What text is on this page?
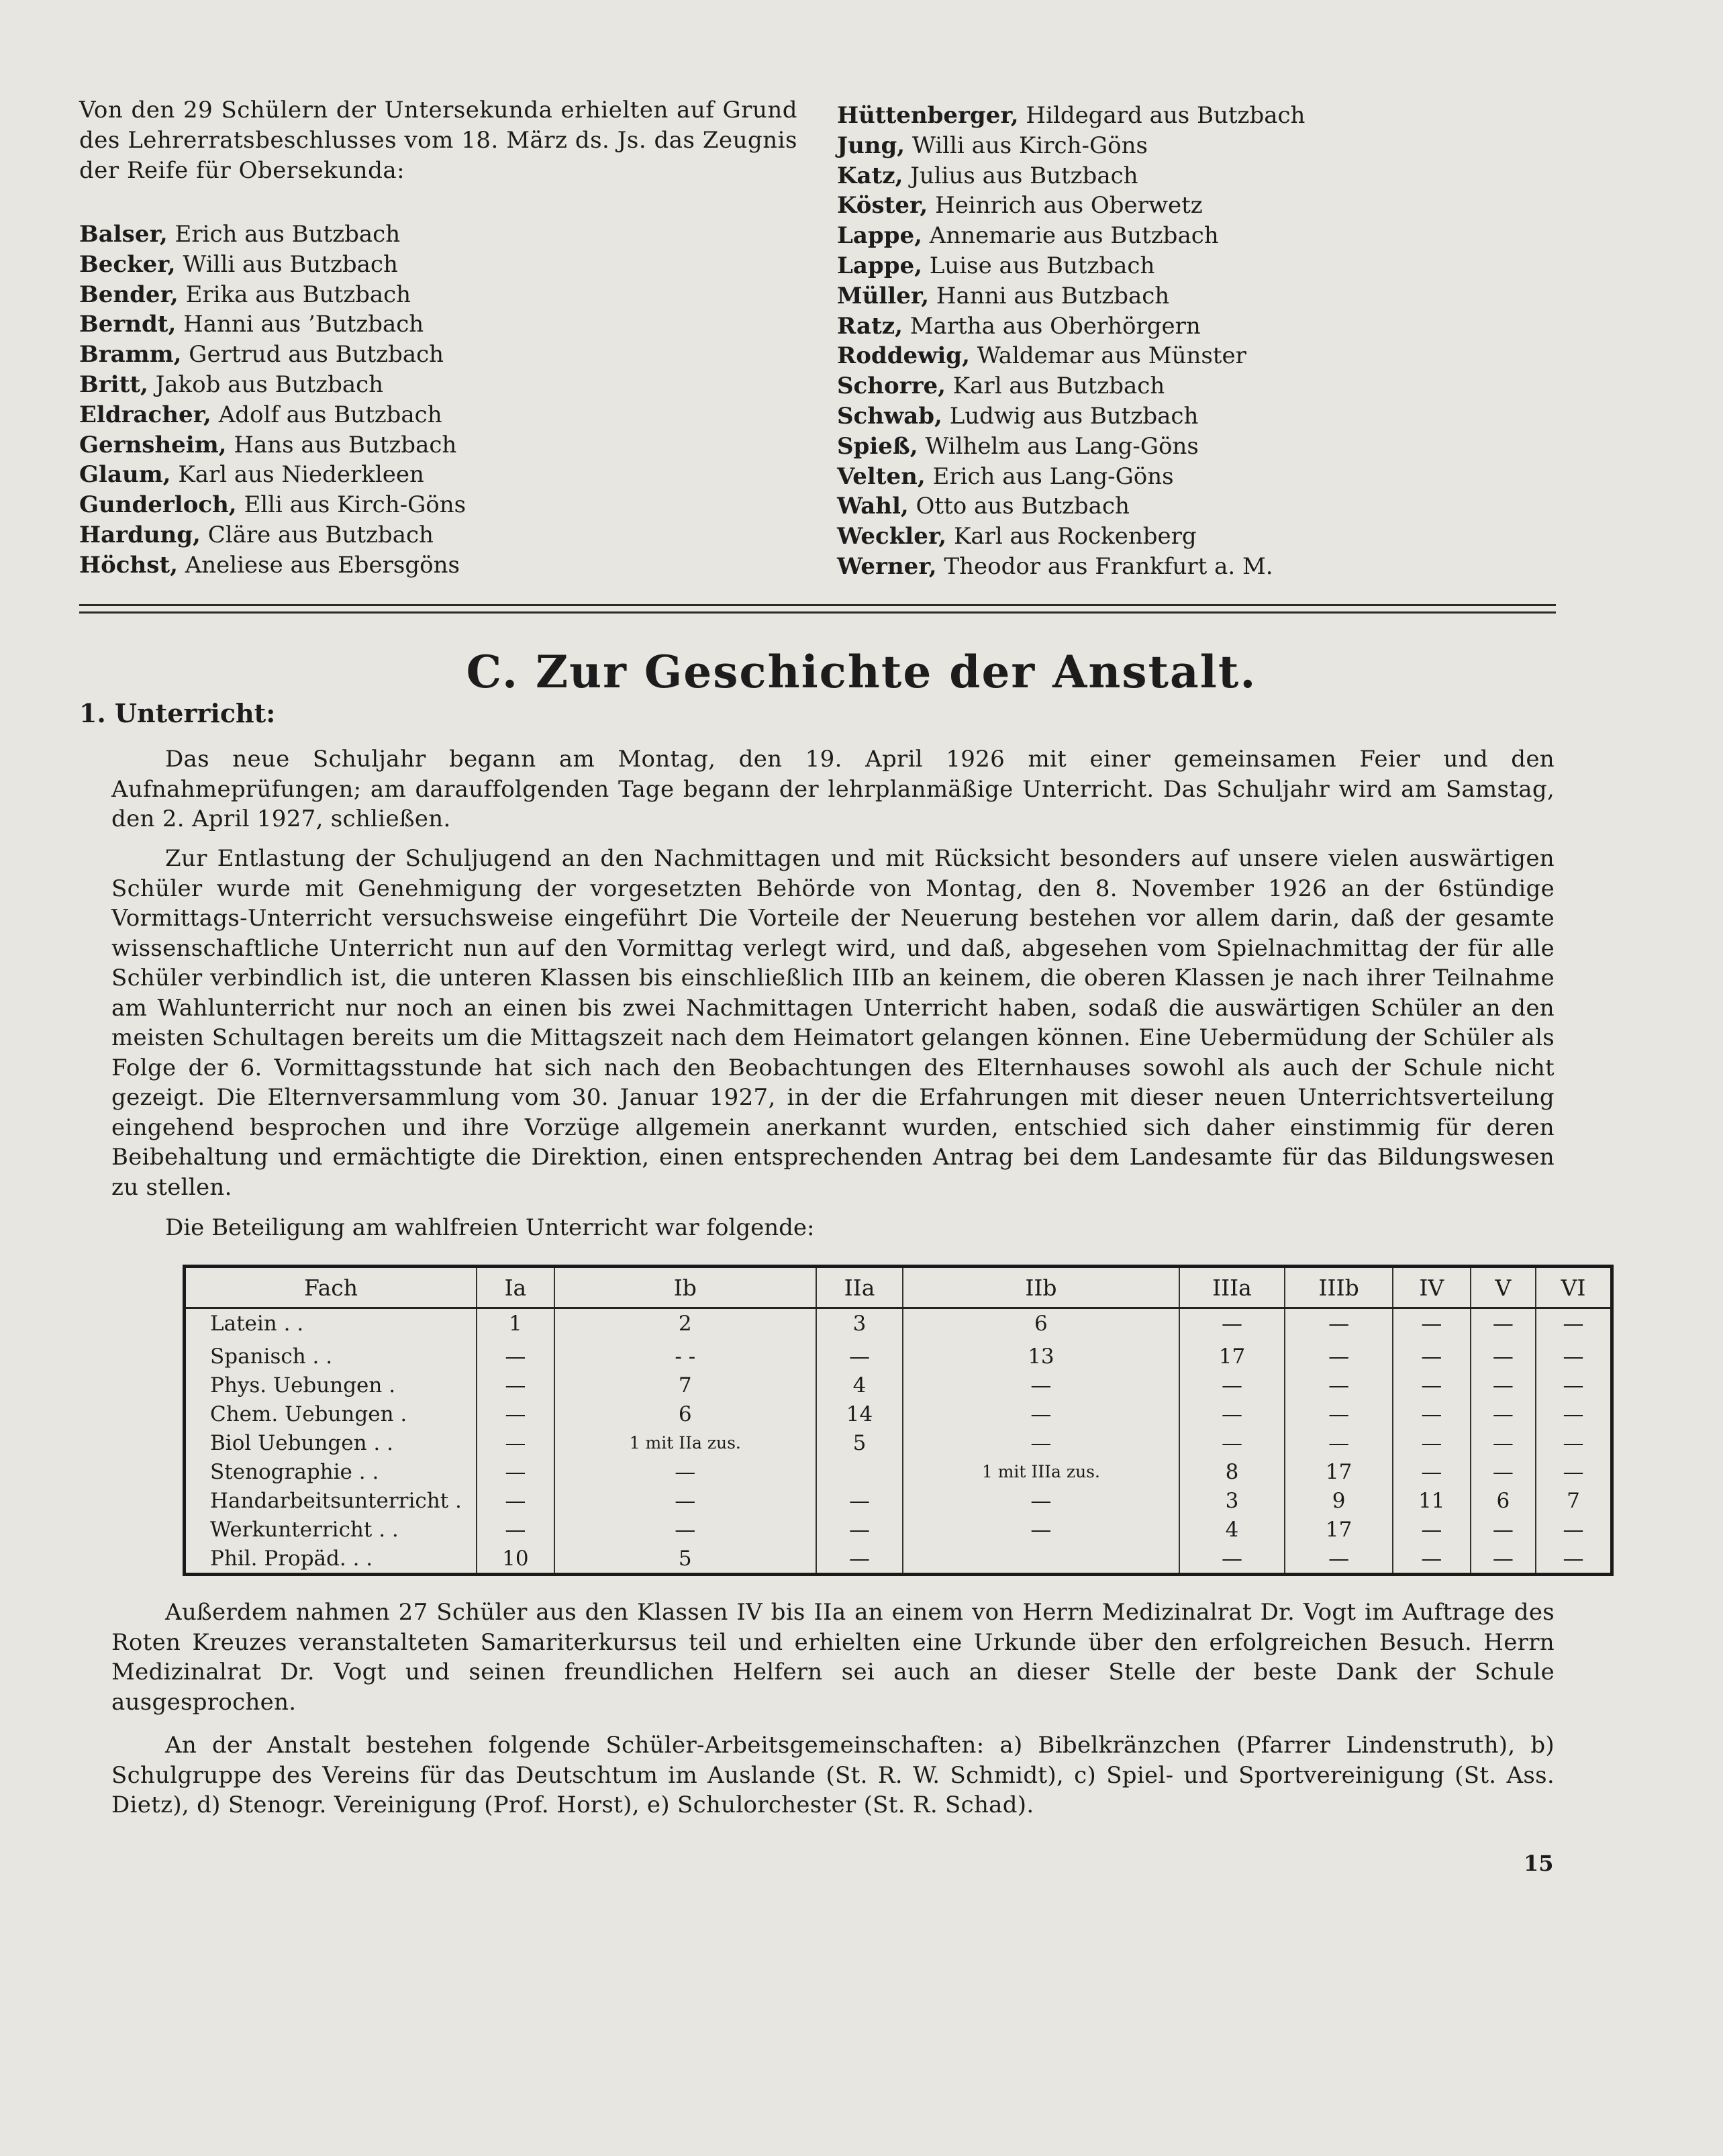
Von den 29 Schülern der Untersekunda erhielten auf Grund des Lehrerratsbeschlusses vom 18. März ds. Js. das Zeugnis der Reife für Obersekunda:
Balser, Erich aus Butzbach
Becker, Willi aus Butzbach
Bender, Erika aus Butzbach
Berndt, Hanni aus ’Butzbach
Bramm, Gertrud aus Butzbach
Britt, Jakob aus Butzbach
Eldracher, Adolf aus Butzbach
Gernsheim, Hans aus Butzbach
Glaum, Karl aus Niederkleen
Gunderloch, Elli aus Kirch-Göns
Hardung, Cläre aus Butzbach
Höchst, Aneliese aus Ebersgöns
Hüttenberger, Hildegard aus Butzbach
Jung, Willi aus Kirch-Göns
Katz, Julius aus Butzbach
Köster, Heinrich aus Oberwetz
Lappe, Annemarie aus Butzbach
Lappe, Luise aus Butzbach
Müller, Hanni aus Butzbach
Ratz, Martha aus Oberhörgern
Roddewig, Waldemar aus Münster
Schorre, Karl aus Butzbach
Schwab, Ludwig aus Butzbach
Spieß, Wilhelm aus Lang-Göns
Velten, Erich aus Lang-Göns
Wahl, Otto aus Butzbach
Weckler, Karl aus Rockenberg
Werner, Theodor aus Frankfurt a. M.
C. Zur Geschichte der Anstalt.
1. Unterricht:

Das neue Schuljahr begann am Montag, den 19. April 1926 mit einer gemeinsamen Feier und den Aufnahmeprüfungen; am darauffolgenden Tage begann der lehrplanmäßige Unterricht. Das Schuljahr wird am Samstag, den 2. April 1927, schließen.

Zur Entlastung der Schuljugend an den Nachmittagen und mit Rücksicht besonders auf unsere vielen auswärtigen Schüler wurde mit Genehmigung der vorgesetzten Behörde von Montag, den 8. November 1926 an der 6stündige Vormittags-Unterricht versuchsweise eingeführt Die Vorteile der Neuerung bestehen vor allem darin, daß der gesamte wissenschaftliche Unterricht nun auf den Vormittag verlegt wird, und daß, abgesehen vom Spielnachmittag der für alle Schüler verbindlich ist, die unteren Klassen bis einschließlich IIIb an keinem, die oberen Klassen je nach ihrer Teilnahme am Wahlunterricht nur noch an einen bis zwei Nachmittagen Unterricht haben, sodaß die auswärtigen Schüler an den meisten Schultagen bereits um die Mittagszeit nach dem Heimatort gelangen können. Eine Uebermüdung der Schüler als Folge der 6. Vormittagsstunde hat sich nach den Beobachtungen des Elternhauses sowohl als auch der Schule nicht gezeigt. Die Elternversammlung vom 30. Januar 1927, in der die Erfahrungen mit dieser neuen Unterrichtsverteilung eingehend besprochen und ihre Vorzüge allgemein anerkannt wurden, entschied sich daher einstimmig für deren Beibehaltung und ermächtigte die Direktion, einen entsprechenden Antrag bei dem Landesamte für das Bildungswesen zu stellen.

Die Beteiligung am wahlfreien Unterricht war folgende:
Fach	Ia	Ib	IIa	IIb	IIIa	IIIb	IV	V	VI
Latein . .	1	2	3	6	—	—	—	—	—
Spanisch . .	—	- -	—	13	17	—	—	—	—
Phys. Uebungen .	—	7	4	—	—	—	—	—	—
Chem. Uebungen .	—	6	14	—	—	—	—	—	—
Biol Uebungen . .	—	1 mit IIa zus.	5	—	—	—	—	—	—
Stenographie . .	—	—		1 mit IIIa zus.	8	17	—	—	—
Handarbeitsunterricht .	—	—	—	—	3	9	11	6	7
Werkunterricht . .	—	—	—	—	4	17	—	—	—
Phil. Propäd. . .	10	5	—		—	—	—	—	—

Außerdem nahmen 27 Schüler aus den Klassen IV bis IIa an einem von Herrn Medizinalrat Dr. Vogt im Auftrage des Roten Kreuzes veranstalteten Samariterkursus teil und erhielten eine Urkunde über den erfolgreichen Besuch. Herrn Medizinalrat Dr. Vogt und seinen freundlichen Helfern sei auch an dieser Stelle der beste Dank der Schule ausgesprochen.

An der Anstalt bestehen folgende Schüler-Arbeitsgemeinschaften: a) Bibelkränzchen (Pfarrer Lindenstruth), b) Schulgruppe des Vereins für das Deutschtum im Auslande (St. R. W. Schmidt), c) Spiel- und Sportvereinigung (St. Ass. Dietz), d) Stenogr. Vereinigung (Prof. Horst), e) Schulorchester (St. R. Schad).

15
